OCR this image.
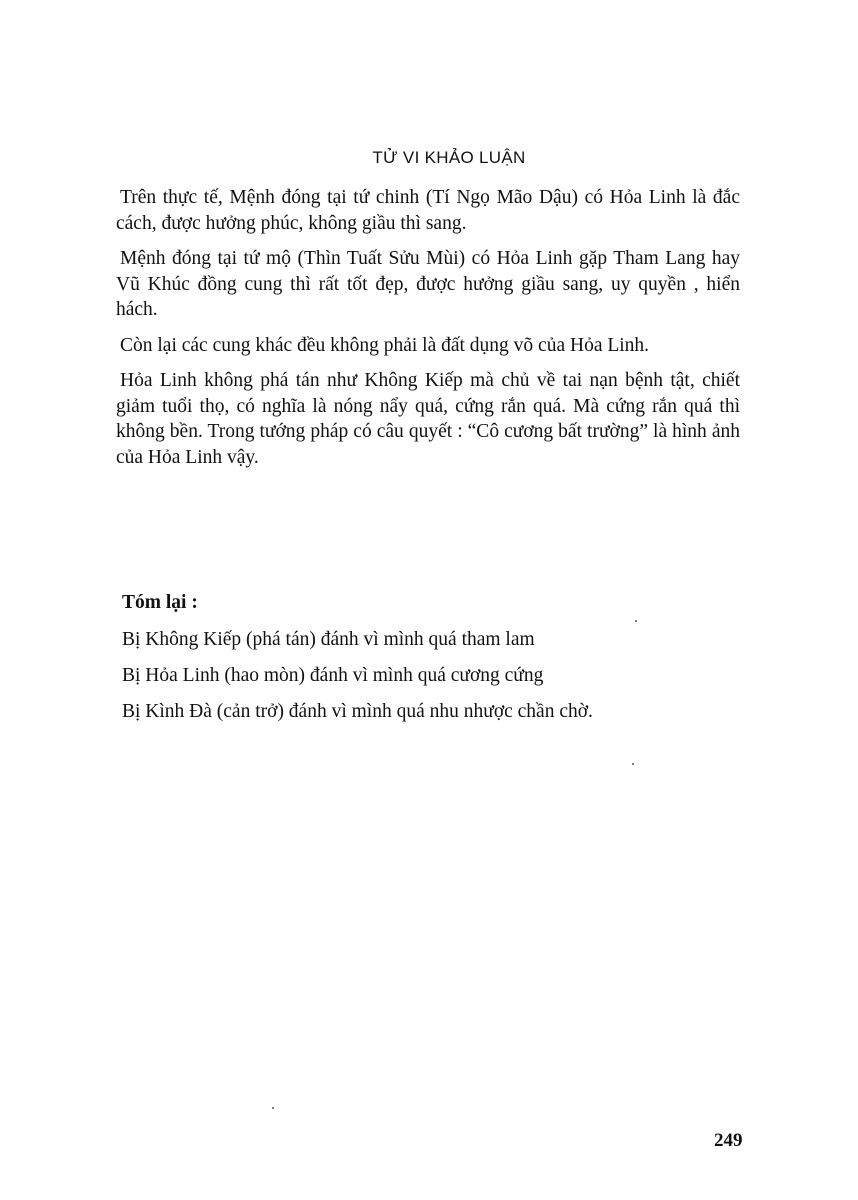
TỬ VI KHẢO LUẬN

Trên thực tế, Mệnh đóng tại tứ chinh (Tí Ngọ Mão Dậu) có Hỏa Linh là đắc cách, được hưởng phúc, không giầu thì sang.

Mệnh đóng tại tứ mộ (Thìn Tuất Sửu Mùi) có Hỏa Linh gặp Tham Lang hay Vũ Khúc đồng cung thì rất tốt đẹp, được hưởng giầu sang, uy quyền , hiển hách.

Còn lại các cung khác đều không phải là đất dụng võ của Hỏa Linh.

Hỏa Linh không phá tán như Không Kiếp mà chủ về tai nạn bệnh tật, chiết giảm tuổi thọ, có nghĩa là nóng nẩy quá, cứng rắn quá. Mà cứng rắn quá thì không bền. Trong tướng pháp có câu quyết : “Cô cương bất trường” là hình ảnh của Hỏa Linh vậy.

Tóm lại :
Bị Không Kiếp (phá tán) đánh vì mình quá tham lam
Bị Hỏa Linh (hao mòn) đánh vì mình quá cương cứng
Bị Kình Đà (cản trở) đánh vì mình quá nhu nhược chần chờ.
249
